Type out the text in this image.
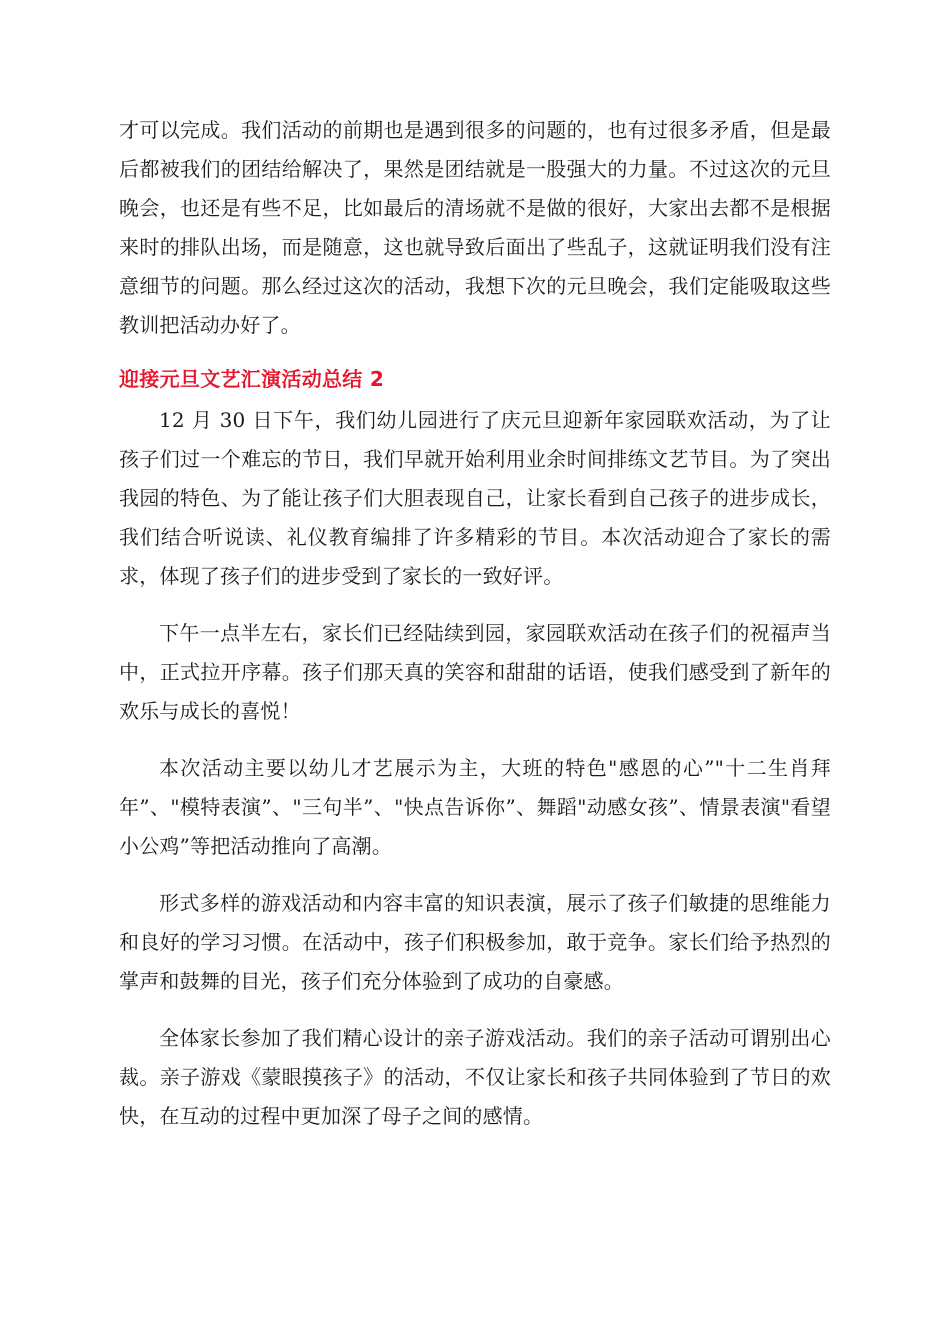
才可以完成。我们活动的前期也是遇到很多的问题的，也有过很多矛盾，但是最后都被我们的团结给解决了，果然是团结就是一股强大的力量。不过这次的元旦晚会，也还是有些不足，比如最后的清场就不是做的很好，大家出去都不是根据来时的排队出场，而是随意，这也就导致后面出了些乱子，这就证明我们没有注意细节的问题。那么经过这次的活动，我想下次的元旦晚会，我们定能吸取这些教训把活动办好了。

迎接元旦文艺汇演活动总结 2

12 月 30 日下午，我们幼儿园进行了庆元旦迎新年家园联欢活动，为了让孩子们过一个难忘的节日，我们早就开始利用业余时间排练文艺节目。为了突出我园的特色、为了能让孩子们大胆表现自己，让家长看到自己孩子的进步成长，我们结合听说读、礼仪教育编排了许多精彩的节目。本次活动迎合了家长的需求，体现了孩子们的进步受到了家长的一致好评。

下午一点半左右，家长们已经陆续到园，家园联欢活动在孩子们的祝福声当中，正式拉开序幕。孩子们那天真的笑容和甜甜的话语，使我们感受到了新年的欢乐与成长的喜悦！

本次活动主要以幼儿才艺展示为主，大班的特色"感恩的心”"十二生肖拜年”、"模特表演”、"三句半”、"快点告诉你”、舞蹈"动感女孩”、情景表演"看望小公鸡”等把活动推向了高潮。

形式多样的游戏活动和内容丰富的知识表演，展示了孩子们敏捷的思维能力和良好的学习习惯。在活动中，孩子们积极参加，敢于竞争。家长们给予热烈的掌声和鼓舞的目光，孩子们充分体验到了成功的自豪感。

全体家长参加了我们精心设计的亲子游戏活动。我们的亲子活动可谓别出心裁。亲子游戏《蒙眼摸孩子》的活动，不仅让家长和孩子共同体验到了节日的欢快，在互动的过程中更加深了母子之间的感情。
